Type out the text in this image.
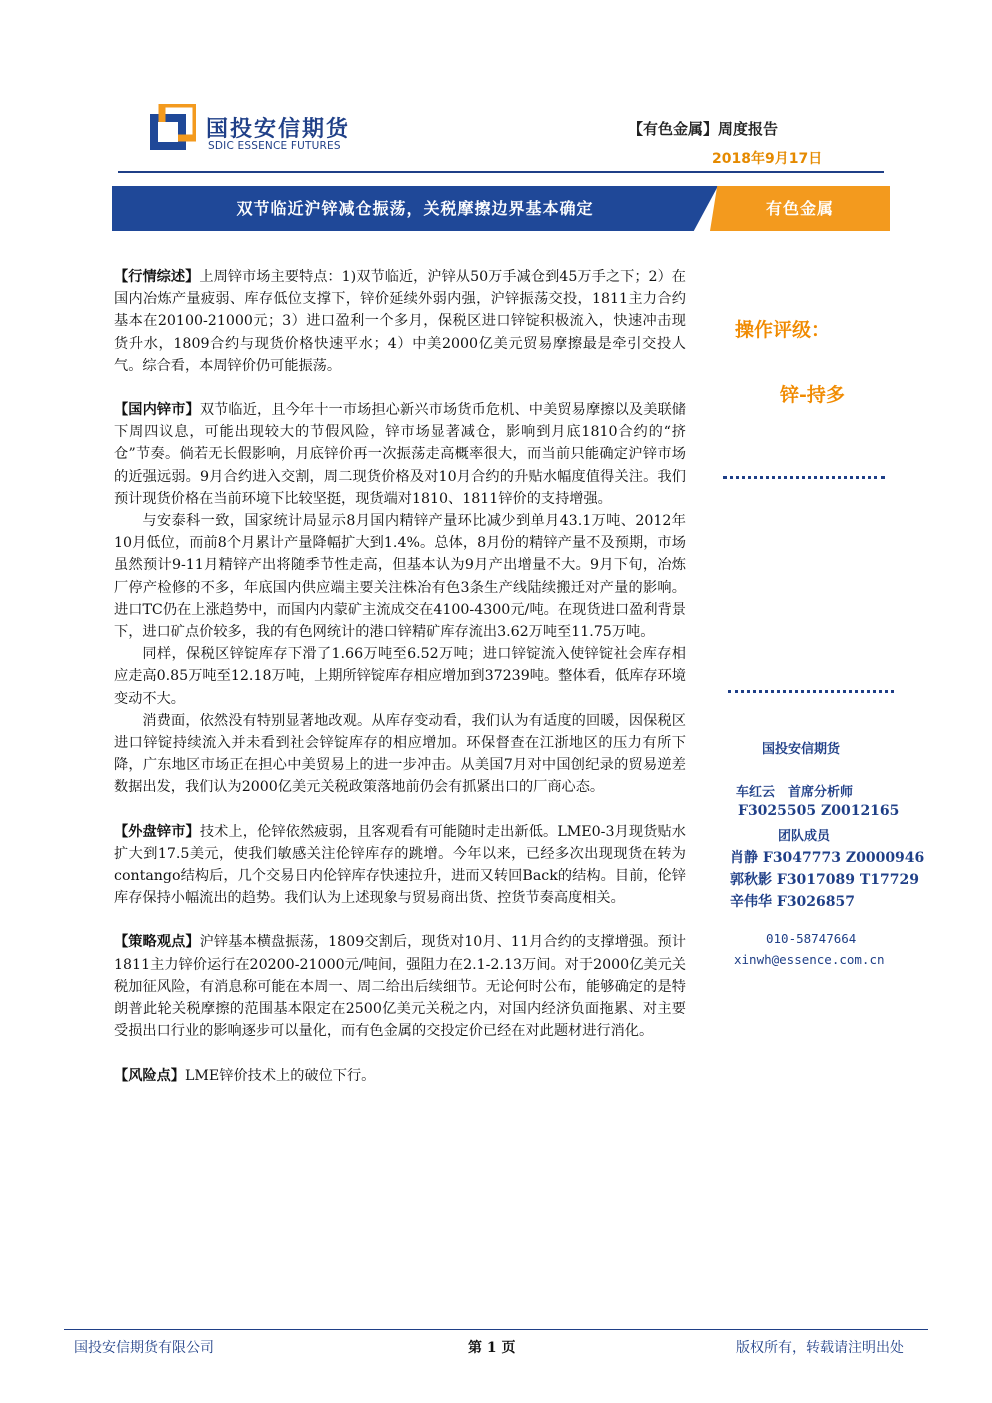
国投安信期货
SDIC ESSENCE FUTURES
【有色金属】周度报告
2018年9月17日
双节临近沪锌减仓振荡，关税摩擦边界基本确定	有色金属

【行情综述】上周锌市场主要特点：1)双节临近，沪锌从50万手减仓到45万手之下；2）在国内冶炼产量疲弱、库存低位支撑下，锌价延续外弱内强，沪锌振荡交投，1811主力合约基本在20100-21000元；3）进口盈利一个多月，保税区进口锌锭积极流入，快速冲击现货升水，1809合约与现货价格快速平水；4）中美2000亿美元贸易摩擦最是牵引交投人气。综合看，本周锌价仍可能振荡。

【国内锌市】双节临近，且今年十一市场担心新兴市场货币危机、中美贸易摩擦以及美联储下周四议息，可能出现较大的节假风险，锌市场显著减仓，影响到月底1810合约的“挤仓”节奏。倘若无长假影响，月底锌价再一次振荡走高概率很大，而当前只能确定沪锌市场的近强远弱。9月合约进入交割，周二现货价格及对10月合约的升贴水幅度值得关注。我们预计现货价格在当前环境下比较坚挺，现货端对1810、1811锌价的支持增强。

与安泰科一致，国家统计局显示8月国内精锌产量环比减少到单月43.1万吨、2012年10月低位，而前8个月累计产量降幅扩大到1.4%。总体，8月份的精锌产量不及预期，市场虽然预计9-11月精锌产出将随季节性走高，但基本认为9月产出增量不大。9月下旬，冶炼厂停产检修的不多，年底国内供应端主要关注株冶有色3条生产线陆续搬迁对产量的影响。进口TC仍在上涨趋势中，而国内内蒙矿主流成交在4100-4300元/吨。在现货进口盈利背景下，进口矿点价较多，我的有色网统计的港口锌精矿库存流出3.62万吨至11.75万吨。

同样，保税区锌锭库存下滑了1.66万吨至6.52万吨；进口锌锭流入使锌锭社会库存相应走高0.85万吨至12.18万吨，上期所锌锭库存相应增加到37239吨。整体看，低库存环境变动不大。

消费面，依然没有特别显著地改观。从库存变动看，我们认为有适度的回暖，因保税区进口锌锭持续流入并未看到社会锌锭库存的相应增加。环保督查在江浙地区的压力有所下降，广东地区市场正在担心中美贸易上的进一步冲击。从美国7月对中国创纪录的贸易逆差数据出发，我们认为2000亿美元关税政策落地前仍会有抓紧出口的厂商心态。

【外盘锌市】技术上，伦锌依然疲弱，且客观看有可能随时走出新低。LME0-3月现货贴水扩大到17.5美元，使我们敏感关注伦锌库存的跳增。今年以来，已经多次出现现货在转为contango结构后，几个交易日内伦锌库存快速拉升，进而又转回Back的结构。目前，伦锌库存保持小幅流出的趋势。我们认为上述现象与贸易商出货、控货节奏高度相关。

【策略观点】沪锌基本横盘振荡，1809交割后，现货对10月、11月合约的支撑增强。预计1811主力锌价运行在20200-21000元/吨间，强阻力在2.1-2.13万间。对于2000亿美元关税加征风险，有消息称可能在本周一、周二给出后续细节。无论何时公布，能够确定的是特朗普此轮关税摩擦的范围基本限定在2500亿美元关税之内，对国内经济负面拖累、对主要受损出口行业的影响逐步可以量化，而有色金属的交投定价已经在对此题材进行消化。

【风险点】LME锌价技术上的破位下行。

操作评级：
锌-持多
国投安信期货
车红云　首席分析师
F3025505 Z0012165
团队成员
肖静 F3047773 Z0000946
郭秋影 F3017089 T17729
辛伟华 F3026857
010-58747664
xinwh@essence.com.cn
国投安信期货有限公司	第 1 页	版权所有，转载请注明出处
